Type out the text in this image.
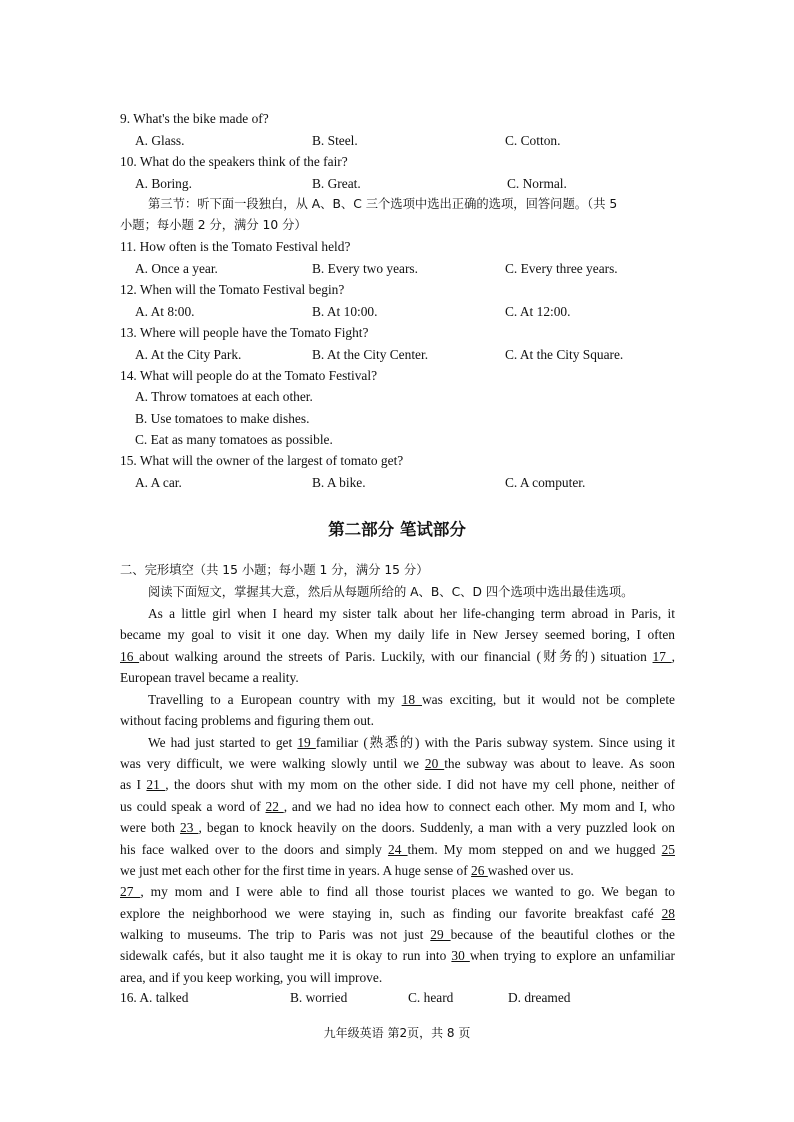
9. What's the bike made of?
A. Glass.	B. Steel.	C. Cotton.
10. What do the speakers think of the fair?
A. Boring.	B. Great.	C. Normal.
第三节：听下面一段独白，从 A、B、C 三个选项中选出正确的选项，回答问题。（共 5
小题；每小题 2 分，满分 10 分）
11. How often is the Tomato Festival held?
A. Once a year.	B. Every two years.	C. Every three years.
12. When will the Tomato Festival begin?
A. At 8:00.	B. At 10:00.	C. At 12:00.
13. Where will people have the Tomato Fight?
A. At the City Park.	B. At the City Center.	C. At the City Square.
14. What will people do at the Tomato Festival?
A. Throw tomatoes at each other.
B. Use tomatoes to make dishes.
C. Eat as many tomatoes as possible.
15. What will the owner of the largest of tomato get?
A. A car.	B. A bike.	C. A computer.
第二部分 笔试部分
二、完形填空（共 15 小题；每小题 1 分，满分 15 分）
阅读下面短文，掌握其大意，然后从每题所给的 A、B、C、D 四个选项中选出最佳选项。
As a little girl when I heard my sister talk about her life-changing term abroad in Paris, it
became my goal to visit it one day. When my daily life in New Jersey seemed boring, I often
16 about walking around the streets of Paris. Luckily, with our financial (财务的) situation 17 ,
European travel became a reality.
Travelling to a European country with my 18 was exciting, but it would not be complete
without facing problems and figuring them out.
We had just started to get 19 familiar (熟悉的) with the Paris subway system. Since using it
was very difficult, we were walking slowly until we 20 the subway was about to leave. As soon
as I 21 , the doors shut with my mom on the other side. I did not have my cell phone, neither of
us could speak a word of 22 , and we had no idea how to connect each other. My mom and I, who
were both 23 , began to knock heavily on the doors. Suddenly, a man with a very puzzled look on
his face walked over to the doors and simply 24 them. My mom stepped on and we hugged 25
we just met each other for the first time in years. A huge sense of 26 washed over us.
27 , my mom and I were able to find all those tourist places we wanted to go. We began to
explore the neighborhood we were staying in, such as finding our favorite breakfast café 28
walking to museums. The trip to Paris was not just 29 because of the beautiful clothes or the
sidewalk cafés, but it also taught me it is okay to run into 30 when trying to explore an unfamiliar
area, and if you keep working, you will improve.
16. A. talked	B. worried	C. heard	D. dreamed
九年级英语 第2页，共 8 页
